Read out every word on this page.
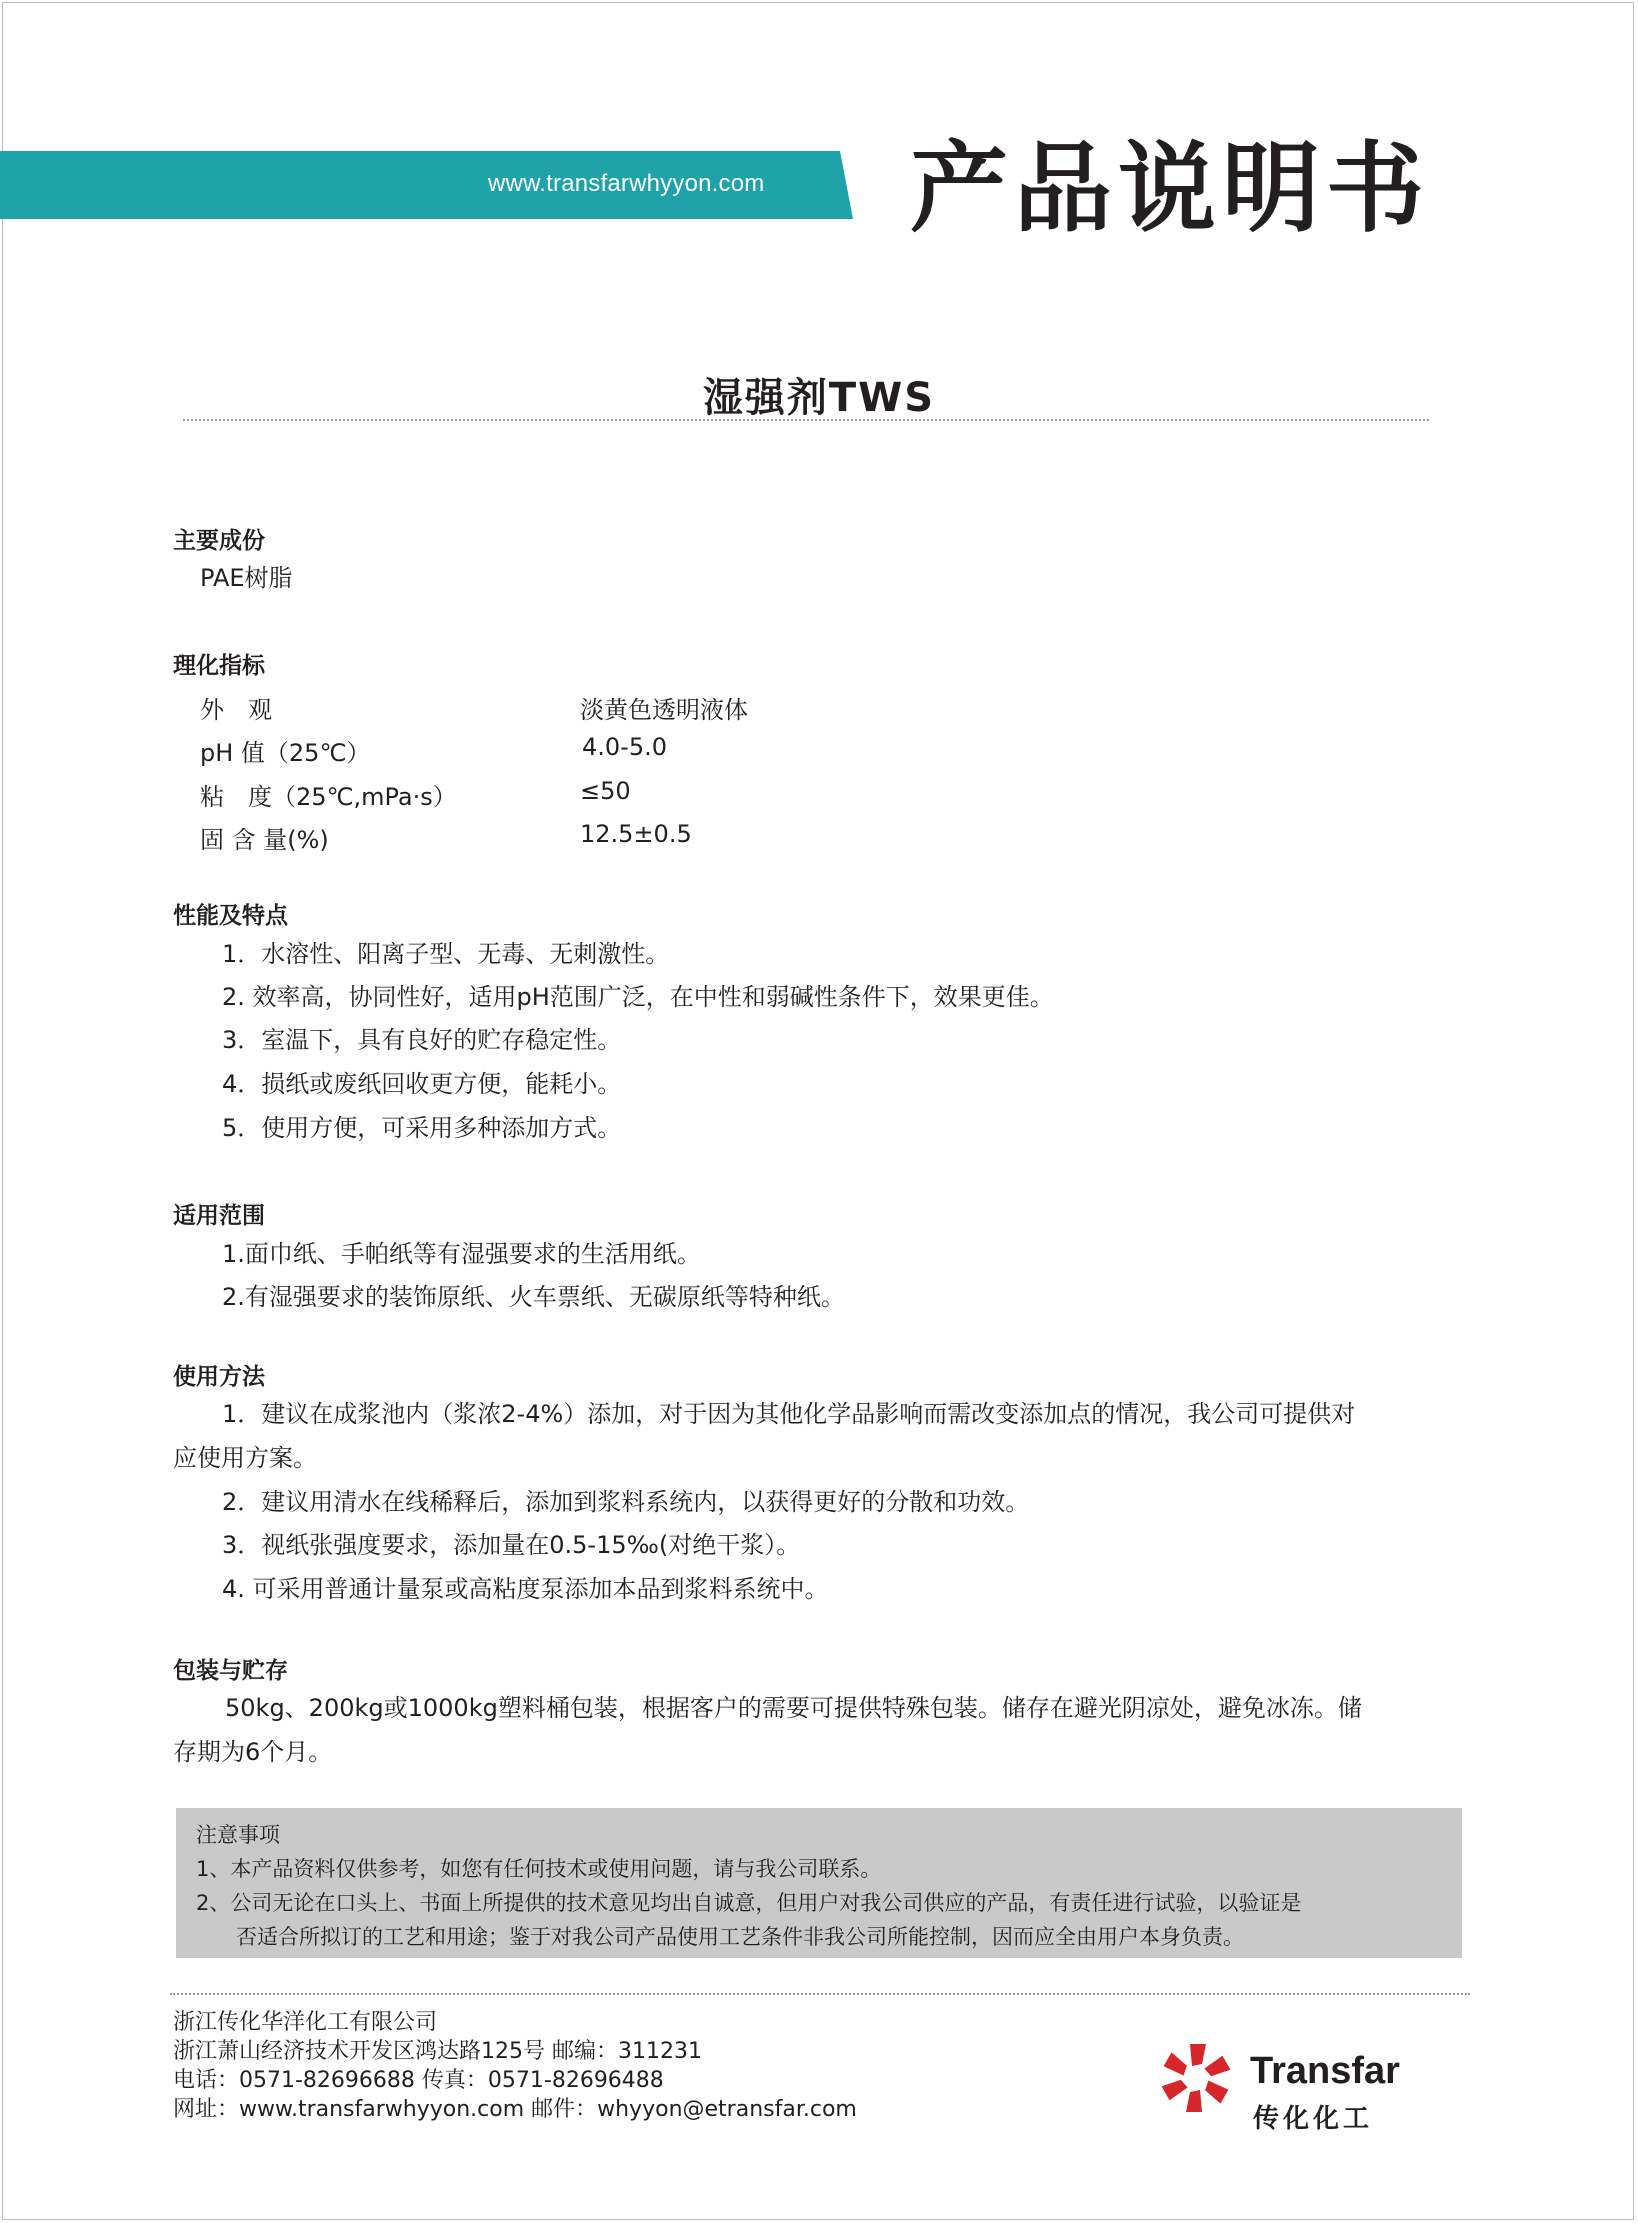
www.transfarwhyyon.com 产品说明书
湿强剂TWS
主要成份
PAE树脂
理化指标
外　观	淡黄色透明液体
pH 值（25℃）	4.0-5.0
粘　度（25℃,mPa·s）	≤50
固 含 量(%)	12.5±0.5
性能及特点
1．水溶性、阳离子型、无毒、无刺激性。
2. 效率高，协同性好，适用pH范围广泛，在中性和弱碱性条件下，效果更佳。
3．室温下，具有良好的贮存稳定性。
4．损纸或废纸回收更方便，能耗小。
5．使用方便，可采用多种添加方式。
适用范围
1.面巾纸、手帕纸等有湿强要求的生活用纸。
2.有湿强要求的装饰原纸、火车票纸、无碳原纸等特种纸。
使用方法
1．建议在成浆池内（浆浓2-4%）添加，对于因为其他化学品影响而需改变添加点的情况，我公司可提供对
应使用方案。
2．建议用清水在线稀释后，添加到浆料系统内，以获得更好的分散和功效。
3．视纸张强度要求，添加量在0.5-15‰(对绝干浆）。
4. 可采用普通计量泵或高粘度泵添加本品到浆料系统中。
包装与贮存
50kg、200kg或1000kg塑料桶包装，根据客户的需要可提供特殊包装。储存在避光阴凉处，避免冰冻。储
存期为6个月。
注意事项
1、本产品资料仅供参考，如您有任何技术或使用问题，请与我公司联系。
2、公司无论在口头上、书面上所提供的技术意见均出自诚意，但用户对我公司供应的产品，有责任进行试验，以验证是
否适合所拟订的工艺和用途；鉴于对我公司产品使用工艺条件非我公司所能控制，因而应全由用户本身负责。
浙江传化华洋化工有限公司
浙江萧山经济技术开发区鸿达路125号 邮编：311231
电话：0571-82696688 传真：0571-82696488
网址：www.transfarwhyyon.com 邮件：whyyon@etransfar.com
Transfar
传化化工
